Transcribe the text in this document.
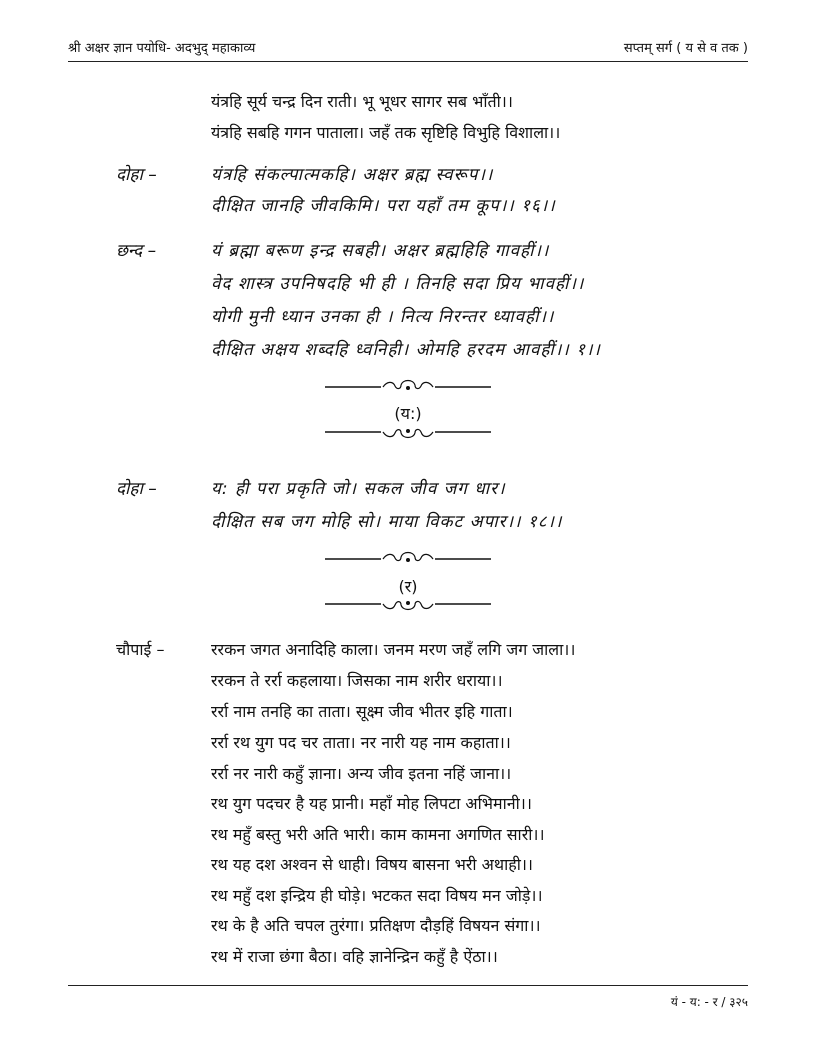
श्री अक्षर ज्ञान पयोधि- अदभुद् महाकाव्य	सप्तम् सर्ग ( य से व तक )
यंत्रहि सूर्य चन्द्र दिन राती। भू भूधर सागर सब भाँती।।
यंत्रहि सबहि गगन पाताला। जहँ तक सृष्टिहि विभुहि विशाला।।
दोहा –	यंत्रहि संकल्पात्मकहि। अक्षर ब्रह्म स्वरूप।।
दीक्षित जानहि जीवकिमि। परा यहाँ तम कूप।। १६।।
छन्द –	यं ब्रह्मा बरूण इन्द्र सबही। अक्षर ब्रह्महिहि गावहीं।।
वेद शास्त्र उपनिषदहि भी ही । तिनहि सदा प्रिय भावहीं।।
योगी मुनी ध्यान उनका ही । नित्य निरन्तर ध्यावहीं।।
दीक्षित अक्षय शब्दहि ध्वनिही। ओमहि हरदम आवहीं।। १।।
(य:)
दोहा –	य: ही परा प्रकृति जो। सकल जीव जग धार।
दीक्षित सब जग मोहि सो। माया विकट अपार।। १८।।
(र)
चौपाई –	ररकन जगत अनादिहि काला। जनम मरण जहँ लगि जग जाला।।
ररकन ते रर्रा कहलाया। जिसका नाम शरीर धराया।।
रर्रा नाम तनहि का ताता। सूक्ष्म जीव भीतर इहि गाता।
रर्रा रथ युग पद चर ताता। नर नारी यह नाम कहाता।।
रर्रा नर नारी कहुँ ज्ञाना। अन्य जीव इतना नहिं जाना।।
रथ युग पदचर है यह प्रानी। महाँ मोह लिपटा अभिमानी।।
रथ महुँ बस्तु भरी अति भारी। काम कामना अगणित सारी।।
रथ यह दश अश्वन से धाही। विषय बासना भरी अथाही।।
रथ महुँ दश इन्द्रिय ही घोड़े। भटकत सदा विषय मन जोड़े।।
रथ के है अति चपल तुरंगा। प्रतिक्षण दौड़हिं विषयन संगा।।
रथ में राजा छंगा बैठा। वहि ज्ञानेन्द्रिन कहुँ है ऐंठा।।
यं - य: - र / ३२५
